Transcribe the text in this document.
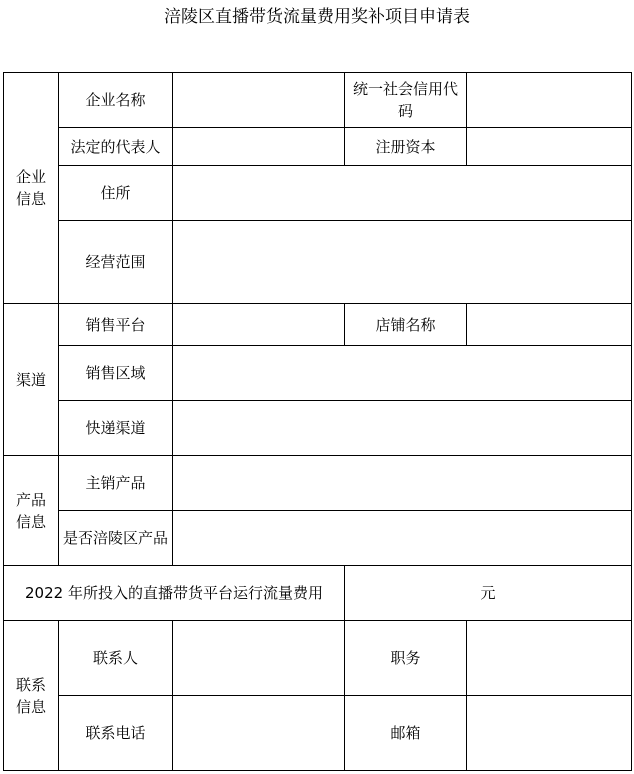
涪陵区直播带货流量费用奖补项目申请表
企业
信息	企业名称		统一社会信用代码	
	法定的代表人		注册资本	
	住所			
	经营范围			

渠道	销售平台		店铺名称	
	销售区域			
	快递渠道			

产品
信息	主销产品			
	是否涪陵区产品			
2022 年所投入的直播带货平台运行流量费用			元	

联系
信息	联系人		职务	
	联系电话		邮箱	
